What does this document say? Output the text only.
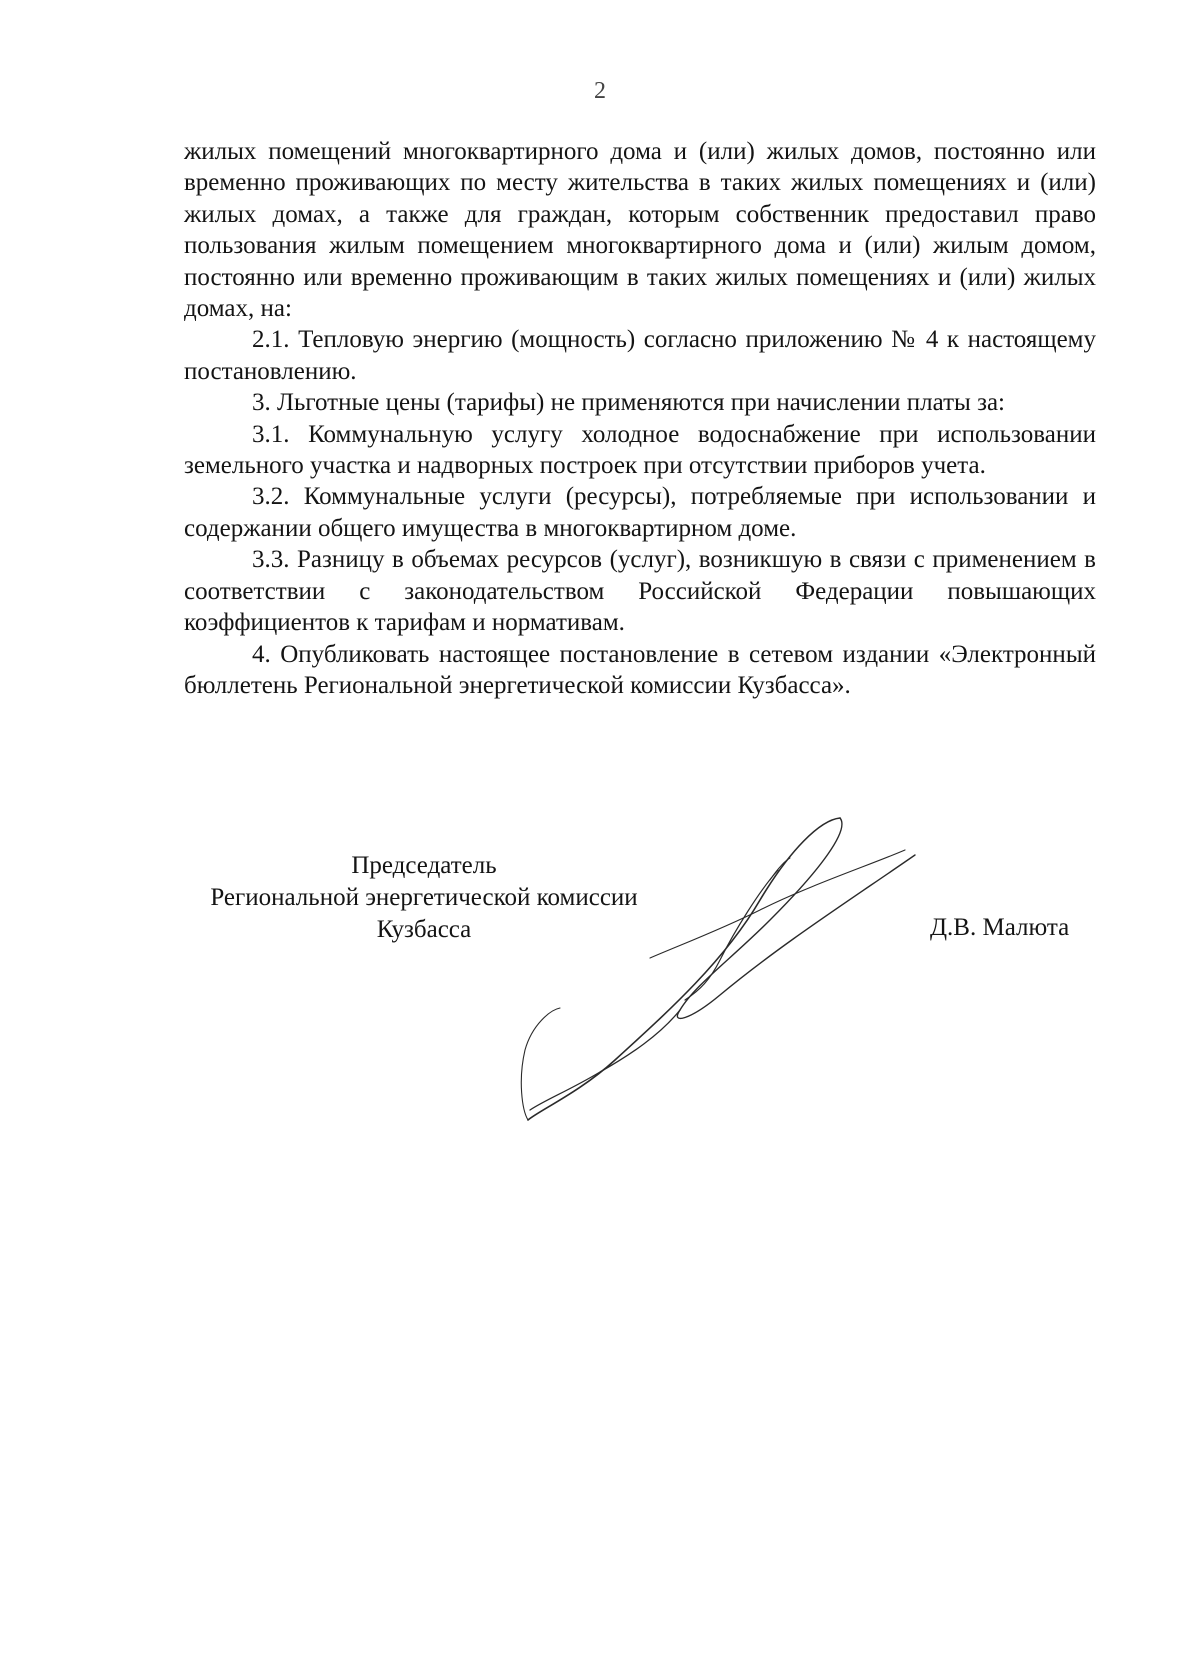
2

жилых помещений многоквартирного дома и (или) жилых домов, постоянно или временно проживающих по месту жительства в таких жилых помещениях и (или) жилых домах, а также для граждан, которым собственник предоставил право пользования жилым помещением многоквартирного дома и (или) жилым домом, постоянно или временно проживающим в таких жилых помещениях и (или) жилых домах, на:

2.1. Тепловую энергию (мощность) согласно приложению № 4 к настоящему постановлению.

3. Льготные цены (тарифы) не применяются при начислении платы за:

3.1. Коммунальную услугу холодное водоснабжение при использовании земельного участка и надворных построек при отсутствии приборов учета.

3.2. Коммунальные услуги (ресурсы), потребляемые при использовании и содержании общего имущества в многоквартирном доме.

3.3. Разницу в объемах ресурсов (услуг), возникшую в связи с применением в соответствии с законодательством Российской Федерации повышающих коэффициентов к тарифам и нормативам.

4. Опубликовать настоящее постановление в сетевом издании «Электронный бюллетень Региональной энергетической комиссии Кузбасса».

Председатель
Региональной энергетической комиссии
Кузбасса	Д.В. Малюта
